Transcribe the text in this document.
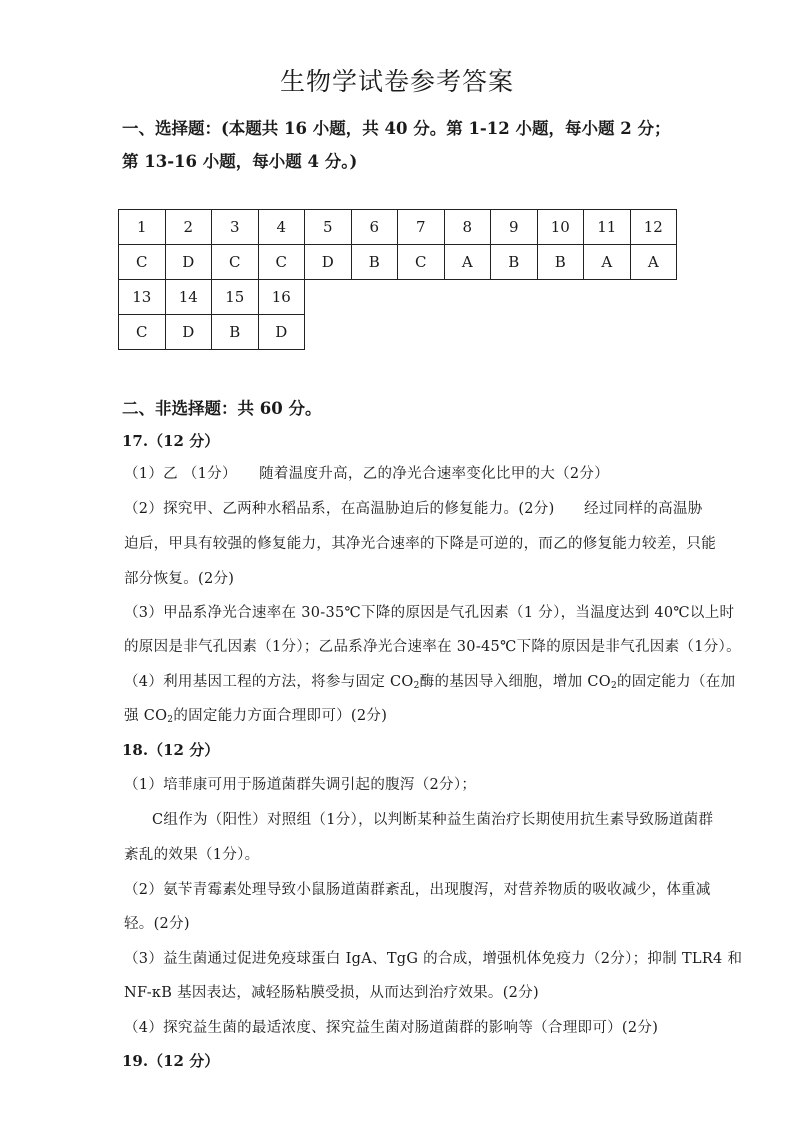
生物学试卷参考答案

一、选择题：(本题共 16 小题，共 40 分。第 1-12 小题，每小题 2 分；第 13-16 小题，每小题 4 分。)

1	2	3	4	5	6	7	8	9	10	11	12
C	D	C	C	D	B	C	A	B	B	A	A
13	14	15	16								
C	D	B	D								

二、非选择题：共 60 分。

17.（12 分）

（1）乙 （1分）　　随着温度升高，乙的净光合速率变化比甲的大（2分）

（2）探究甲、乙两种水稻品系，在高温胁迫后的修复能力。(2分)　　经过同样的高温胁

迫后，甲具有较强的修复能力，其净光合速率的下降是可逆的，而乙的修复能力较差，只能

部分恢复。(2分)

（3）甲品系净光合速率在 30-35℃下降的原因是气孔因素（1 分），当温度达到 40℃以上时

的原因是非气孔因素（1分）；乙品系净光合速率在 30-45℃下降的原因是非气孔因素（1分）。

（4）利用基因工程的方法，将参与固定 $CO_2$酶的基因导入细胞，增加 $CO_2$的固定能力（在加

强 $CO_2$的固定能力方面合理即可）(2分)

18.（12 分）

（1）培菲康可用于肠道菌群失调引起的腹泻（2分）；

C组作为（阳性）对照组（1分），以判断某种益生菌治疗长期使用抗生素导致肠道菌群

紊乱的效果（1分）。

（2）氨苄青霉素处理导致小鼠肠道菌群紊乱，出现腹泻，对营养物质的吸收减少，体重减

轻。(2分)

（3）益生菌通过促进免疫球蛋白 IgA、TgG 的合成，增强机体免疫力（2分）；抑制 TLR4 和

NF-κB 基因表达，减轻肠粘膜受损，从而达到治疗效果。(2分)

（4）探究益生菌的最适浓度、探究益生菌对肠道菌群的影响等（合理即可）(2分)

19.（12 分）
